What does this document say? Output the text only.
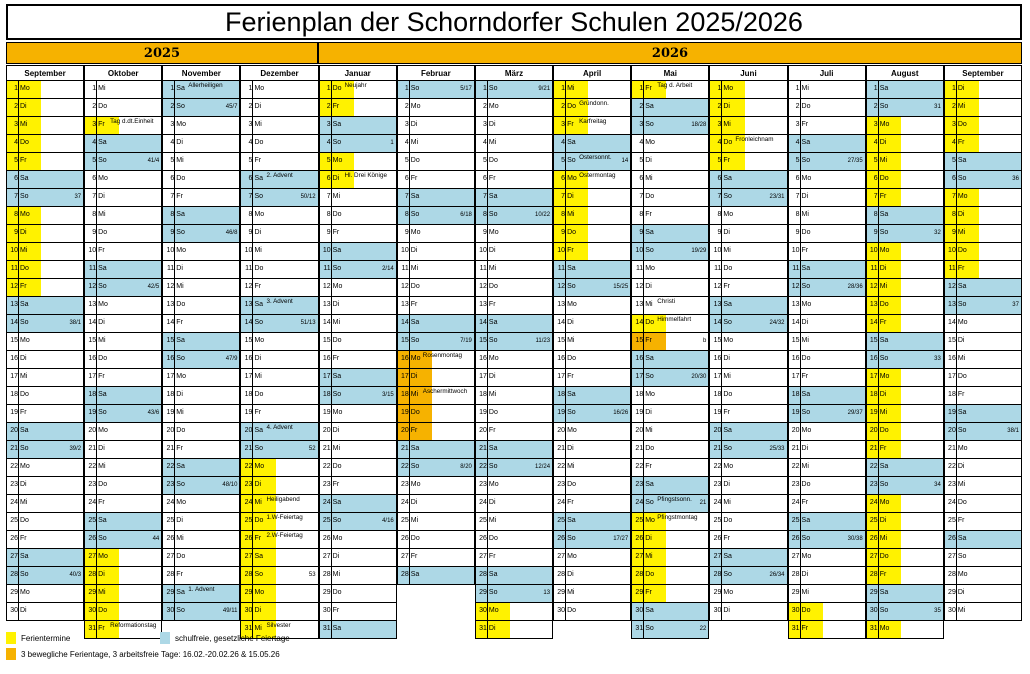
Ferienplan der Schorndorfer Schulen 2025/2026
2025	2026
September
1 Mo
2 Di
3 Mi
4 Do
5 Fr
6 Sa
7 So	37
8 Mo
9 Di
10 Mi
11 Do
12 Fr
13 Sa
14 So	38/1
15 Mo
16 Di
17 Mi
18 Do
19 Fr
20 Sa
21 So	39/2
22 Mo
23 Di
24 Mi
25 Do
26 Fr
27 Sa
28 So	40/3
29 Mo
30 Di
Oktober
1 Mi
2 Do
3 Fr Tag d.dt.Einheit
4 Sa
5 So	41/4
6 Mo
7 Di
8 Mi
9 Do
10 Fr
11 Sa
12 So	42/5
13 Mo
14 Di
15 Mi
16 Do
17 Fr
18 Sa
19 So	43/6
20 Mo
21 Di
22 Mi
23 Do
24 Fr
25 Sa
26 So	44
27 Mo
28 Di
29 Mi
30 Do
31 Fr Reformationstag
November
1 Sa Allerheiligen
2 So	45/7
3 Mo
4 Di
5 Mi
6 Do
7 Fr
8 Sa
9 So	46/8
10 Mo
11 Di
12 Mi
13 Do
14 Fr
15 Sa
16 So	47/9
17 Mo
18 Di
19 Mi
20 Do
21 Fr
22 Sa
23 So	48/10
24 Mo
25 Di
26 Mi
27 Do
28 Fr
29 Sa 1. Advent
30 So	49/11
Dezember
1 Mo
2 Di
3 Mi
4 Do
5 Fr
6 Sa 2. Advent
7 So	50/12
8 Mo
9 Di
10 Mi
11 Do
12 Fr
13 Sa 3. Advent
14 So	51/13
15 Mo
16 Di
17 Mi
18 Do
19 Fr
20 Sa 4. Advent
21 So	52
22 Mo
23 Di
24 Mi Heiligabend
25 Do 1.W-Feiertag
26 Fr 2.W-Feiertag
27 Sa
28 So	53
29 Mo
30 Di
31 Mi Silvester
Januar
1 Do Neujahr
2 Fr
3 Sa
4 So	1
5 Mo
6 Di Hl. Drei Könige
7 Mi
8 Do
9 Fr
10 Sa
11 So	2/14
12 Mo
13 Di
14 Mi
15 Do
16 Fr
17 Sa
18 So	3/15
19 Mo
20 Di
21 Mi
22 Do
23 Fr
24 Sa
25 So	4/16
26 Mo
27 Di
28 Mi
29 Do
30 Fr
31 Sa
Februar
1 So	5/17
2 Mo
3 Di
4 Mi
5 Do
6 Fr
7 Sa
8 So	6/18
9 Mo
10 Di
11 Mi
12 Do
13 Fr
14 Sa
15 So	7/19
16 Mo Rosenmontag
17 Di
18 Mi Aschermittwoch
19 Do
20 Fr
21 Sa
22 So	8/20
23 Mo
24 Di
25 Mi
26 Do
27 Fr
28 Sa
März
1 So	9/21
2 Mo
3 Di
4 Mi
5 Do
6 Fr
7 Sa
8 So	10/22
9 Mo
10 Di
11 Mi
12 Do
13 Fr
14 Sa
15 So	11/23
16 Mo
17 Di
18 Mi
19 Do
20 Fr
21 Sa
22 So	12/24
23 Mo
24 Di
25 Mi
26 Do
27 Fr
28 Sa
29 So	13
30 Mo
31 Di
April
1 Mi
2 Do Gründonn.
3 Fr Karfreitag
4 Sa
5 So Ostersonnt. 14
6 Mo Ostermontag
7 Di
8 Mi
9 Do
10 Fr
11 Sa
12 So	15/25
13 Mo
14 Di
15 Mi
16 Do
17 Fr
18 Sa
19 So	16/26
20 Mo
21 Di
22 Mi
23 Do
24 Fr
25 Sa
26 So	17/27
27 Mo
28 Di
29 Mi
30 Do
Mai
1 Fr Tag d. Arbeit
2 Sa
3 So	18/28
4 Mo
5 Di
6 Mi
7 Do
8 Fr
9 Sa
10 So	19/29
11 Mo
12 Di
13 Mi Christi
14 Do Himmelfahrt
15 Fr	b
16 Sa
17 So	20/30
18 Mo
19 Di
20 Mi
21 Do
22 Fr
23 Sa
24 So Pfingstsonn. 21
25 Mo Pfingstmontag
26 Di
27 Mi
28 Do
29 Fr
30 Sa
31 So	22
Juni
1 Mo
2 Di
3 Mi
4 Do Fronleichnam
5 Fr
6 Sa
7 So	23/31
8 Mo
9 Di
10 Mi
11 Do
12 Fr
13 Sa
14 So	24/32
15 Mo
16 Di
17 Mi
18 Do
19 Fr
20 Sa
21 So	25/33
22 Mo
23 Di
24 Mi
25 Do
26 Fr
27 Sa
28 So	26/34
29 Mo
30 Di
Juli
1 Mi
2 Do
3 Fr
4 Sa
5 So	27/35
6 Mo
7 Di
8 Mi
9 Do
10 Fr
11 Sa
12 So	28/36
13 Mo
14 Di
15 Mi
16 Do
17 Fr
18 Sa
19 So	29/37
20 Mo
21 Di
22 Mi
23 Do
24 Fr
25 Sa
26 So	30/38
27 Mo
28 Di
29 Mi
30 Do
31 Fr
August
1 Sa
2 So	31
3 Mo
4 Di
5 Mi
6 Do
7 Fr
8 Sa
9 So	32
10 Mo
11 Di
12 Mi
13 Do
14 Fr
15 Sa
16 So	33
17 Mo
18 Di
19 Mi
20 Do
21 Fr
22 Sa
23 So	34
24 Mo
25 Di
26 Mi
27 Do
28 Fr
29 Sa
30 So	35
31 Mo
September
1 Di
2 Mi
3 Do
4 Fr
5 Sa
6 So	36
7 Mo
8 Di
9 Mi
10 Do
11 Fr
12 Sa
13 So	37
14 Mo
15 Di
16 Mi
17 Do
18 Fr
19 Sa
20 So	38/1
21 Mo
22 Di
23 Mi
24 Do
25 Fr
26 Sa
27 So
28 Mo
29 Di
30 Mi
Ferientermine	schulfreie, gesetzliche Feiertage
3 bewegliche Ferientage, 3 arbeitsfreie Tage: 16.02.-20.02.26 & 15.05.26
